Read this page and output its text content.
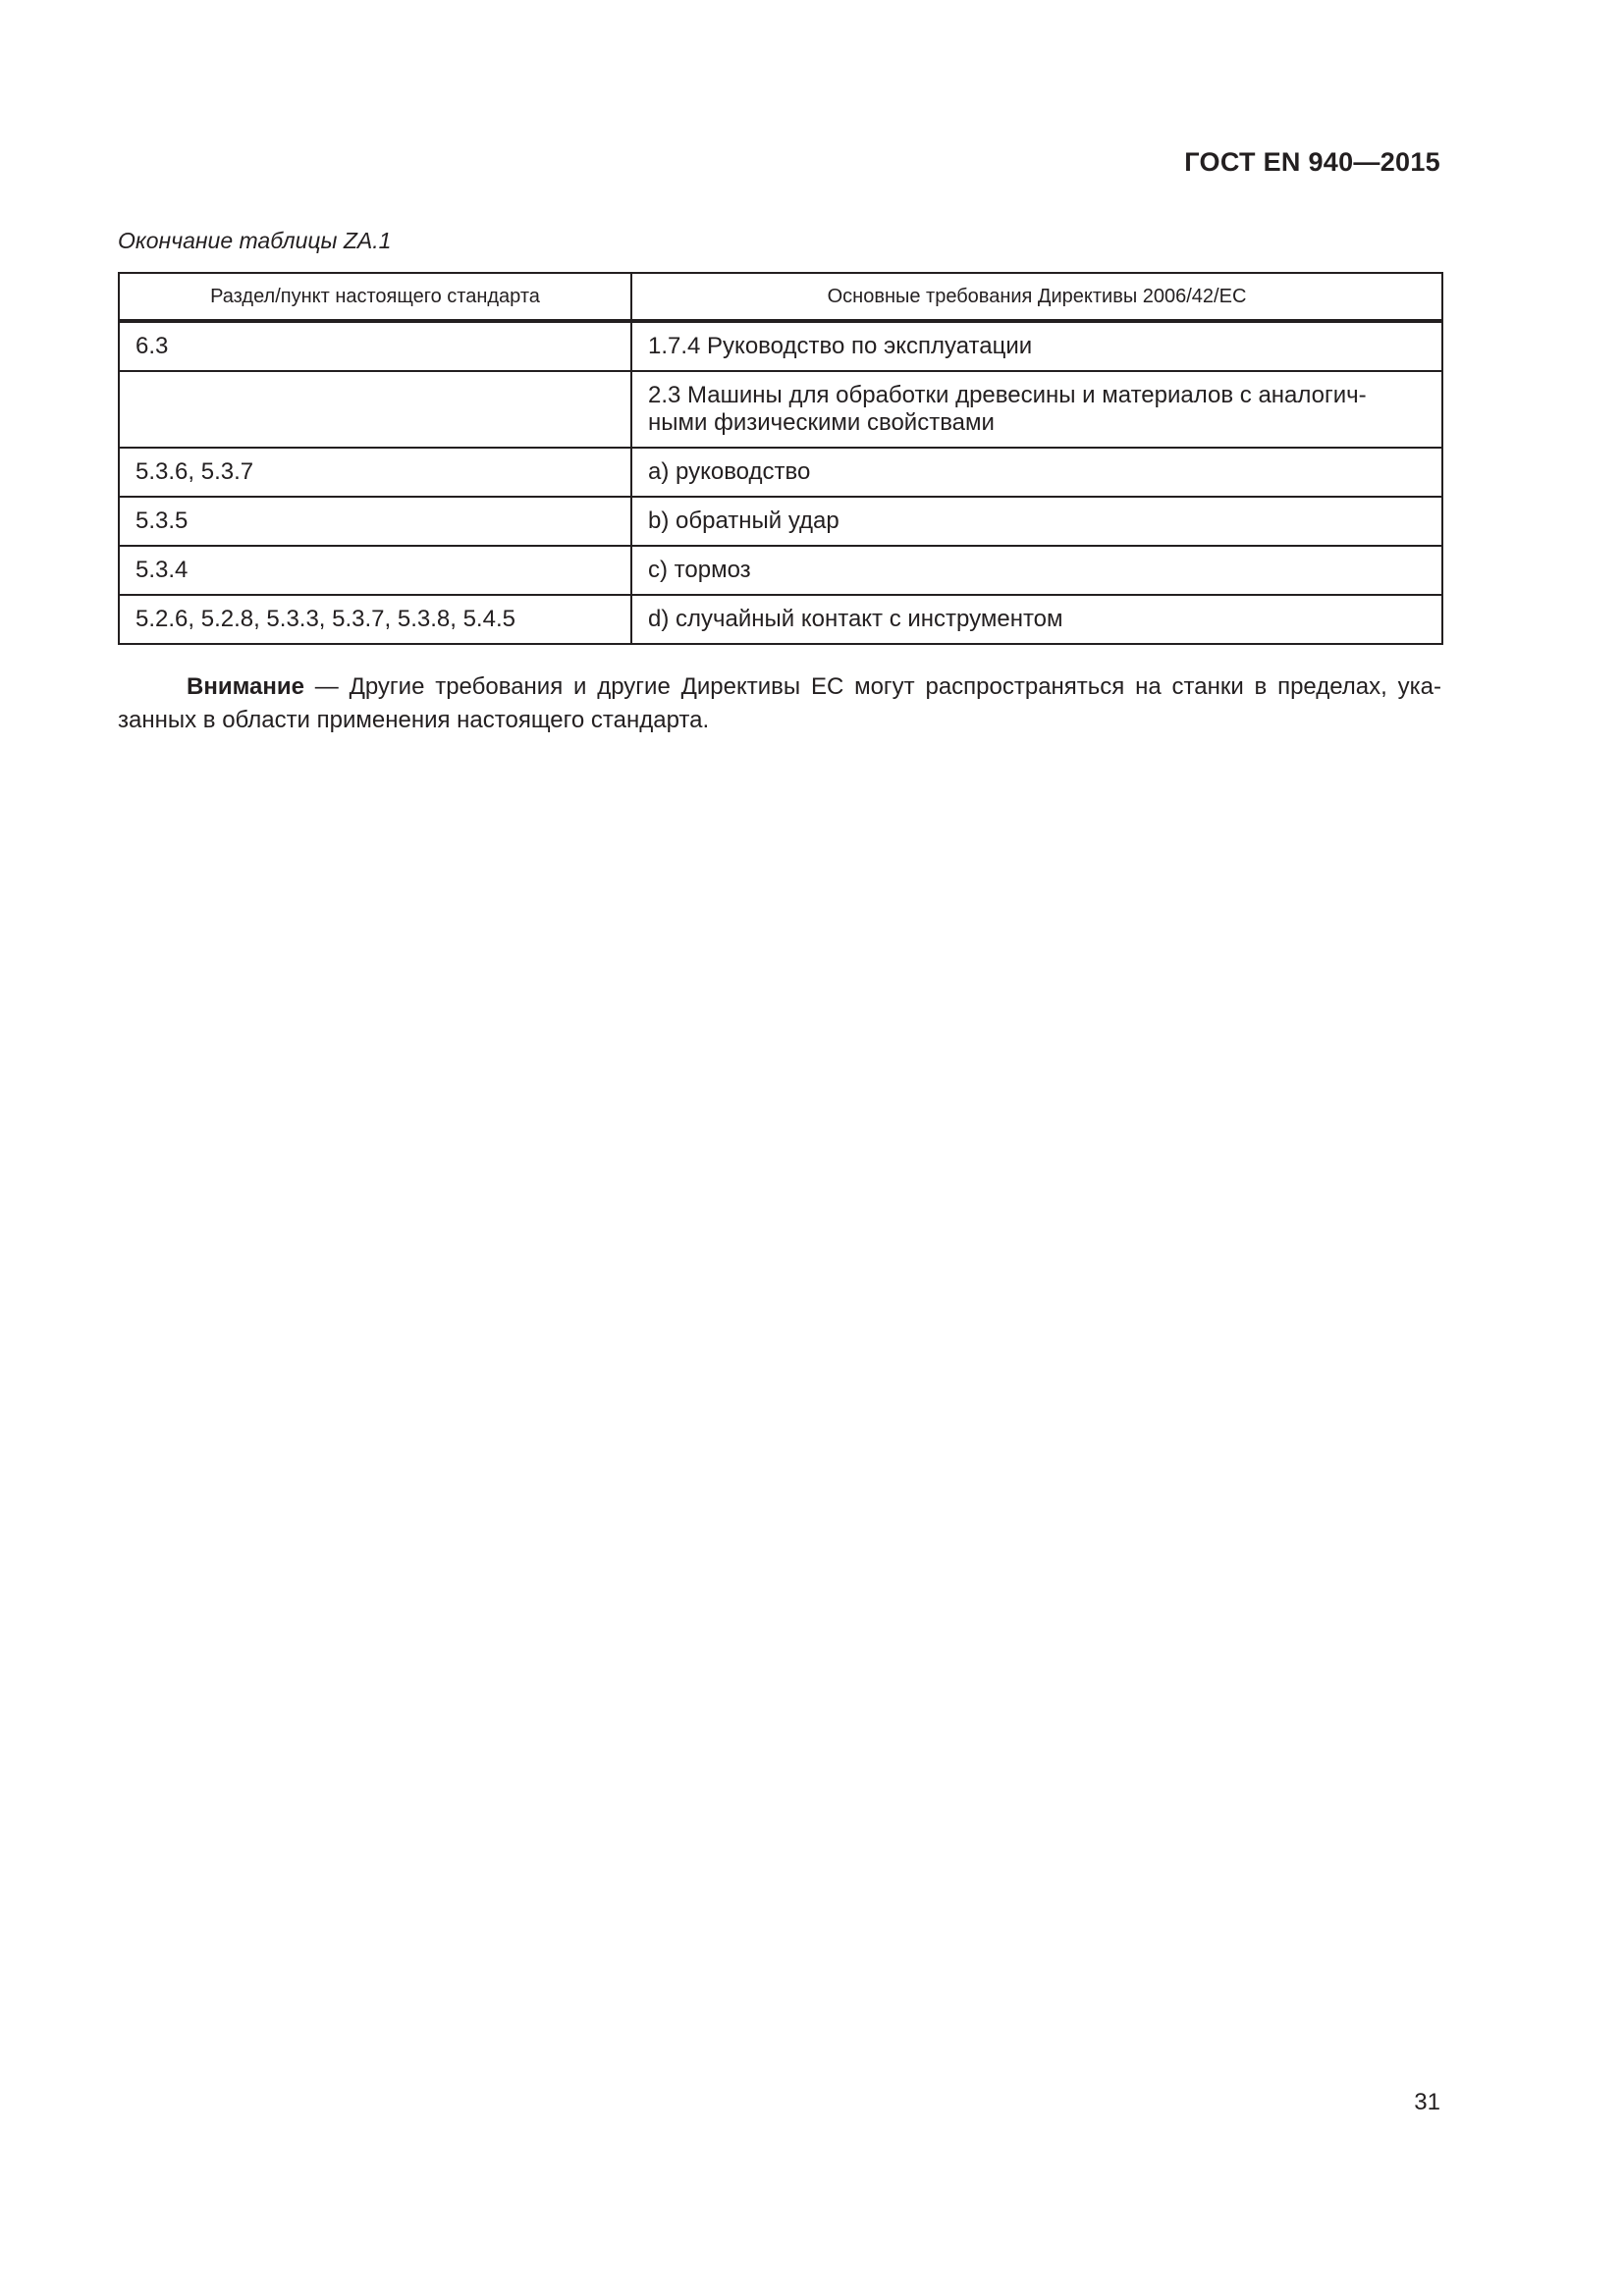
ГОСТ EN 940—2015

Окончание таблицы ZA.1

Раздел/пункт настоящего стандарта	Основные требования Директивы 2006/42/ЕС
6.3	1.7.4 Руководство по эксплуатации
	2.3 Машины для обработки древесины и материалов с аналогич-ными физическими свойствами
5.3.6, 5.3.7	a) руководство
5.3.5	b) обратный удар
5.3.4	c) тормоз
5.2.6, 5.2.8, 5.3.3, 5.3.7, 5.3.8, 5.4.5	d) случайный контакт с инструментом

Внимание — Другие требования и другие Директивы ЕС могут распространяться на станки в пределах, ука-занных в области применения настоящего стандарта.

31
